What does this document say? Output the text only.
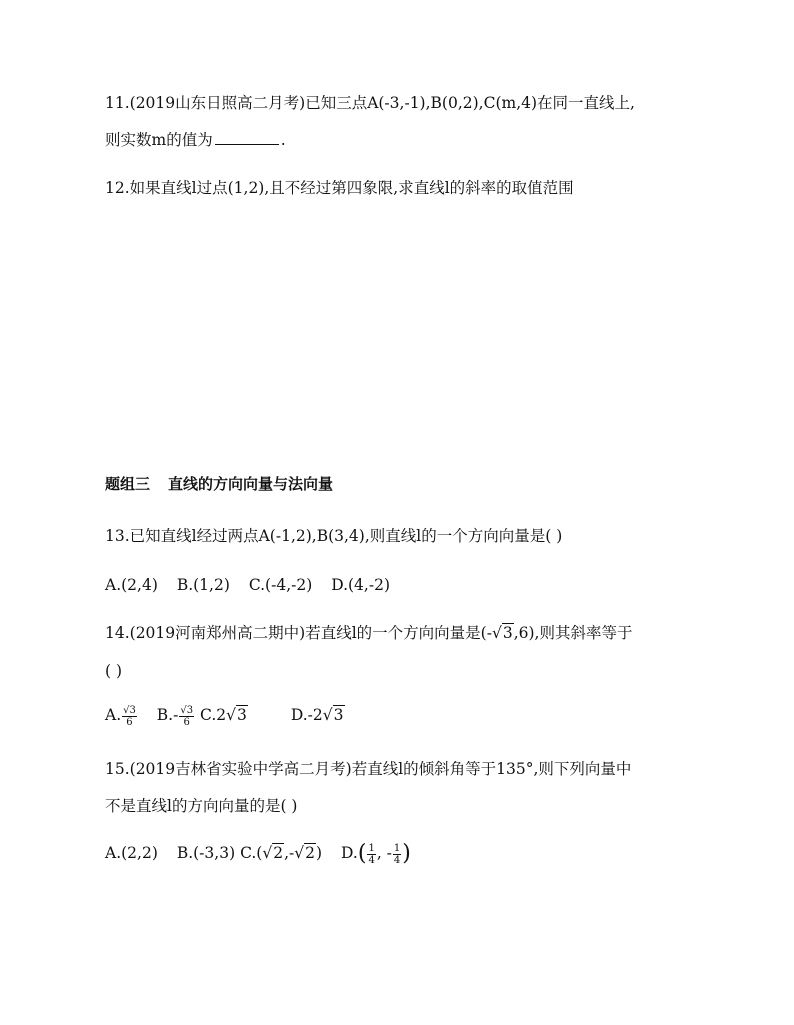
11.(2019山东日照高二月考)已知三点A(-3,-1),B(0,2),C(m,4)在同一直线上,
则实数m的值为	.
12.如果直线l过点(1,2),且不经过第四象限,求直线l的斜率的取值范围
题组三 直线的方向向量与法向量
13.已知直线l经过两点A(-1,2),B(3,4),则直线l的一个方向向量是( )
A.(2,4) B.(1,2) C.(-4,-2) D.(4,-2)
14.(2019河南郑州高二期中)若直线l的一个方向向量是(-√3,6),则其斜率等于
( )
A. $\frac{√3}{6} B.- \frac{√3}{6} C.2√3$	D.-2√3
15.(2019吉林省实验中学高二月考)若直线l的倾斜角等于135°,则下列向量中
不是直线l的方向向量的是( )
A.(2,2) B.(-3,3) C.(√2,-√2) $D.( \frac{1}{4}$ , - $\frac{1}{4}$ )
